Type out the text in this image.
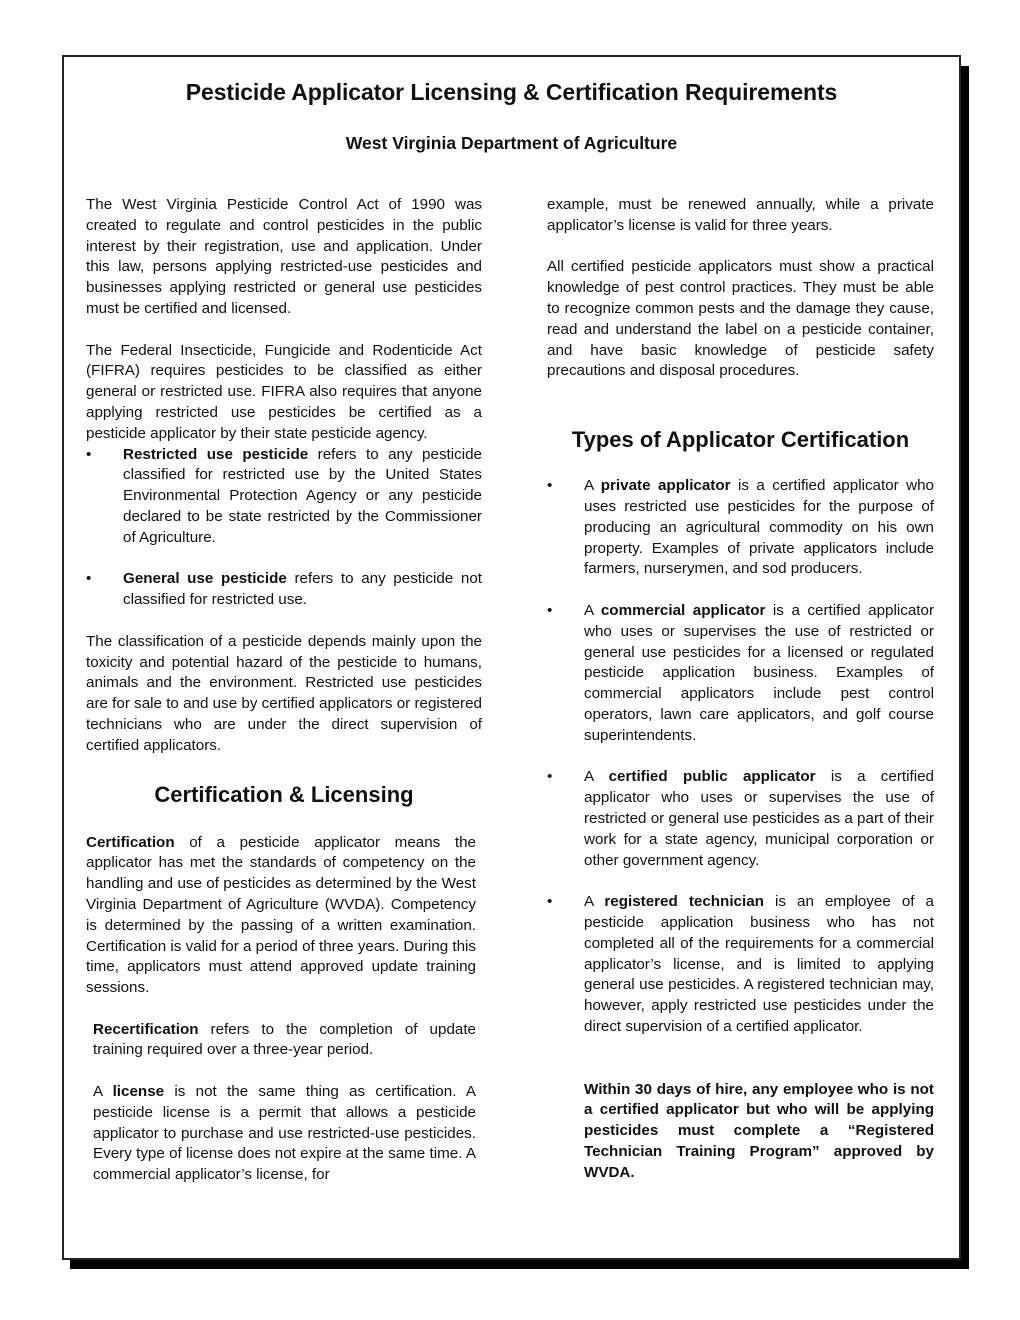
Pesticide Applicator Licensing & Certification Requirements
West Virginia Department of Agriculture

The West Virginia Pesticide Control Act of 1990 was created to regulate and control pesticides in the public interest by their registration, use and application. Under this law, persons applying restricted-use pesticides and businesses applying restricted or general use pesticides must be certified and licensed.

The Federal Insecticide, Fungicide and Rodenticide Act (FIFRA) requires pesticides to be classified as either general or restricted use. FIFRA also requires that anyone applying restricted use pesticides be certified as a pesticide applicator by their state pesticide agency.

• Restricted use pesticide refers to any pesticide classified for restricted use by the United States Environmental Protection Agency or any pesticide declared to be state restricted by the Commissioner of Agriculture.
• General use pesticide refers to any pesticide not classified for restricted use.

The classification of a pesticide depends mainly upon the toxicity and potential hazard of the pesticide to humans, animals and the environment. Restricted use pesticides are for sale to and use by certified applicators or registered technicians who are under the direct supervision of certified applicators.

Certification & Licensing

Certification of a pesticide applicator means the applicator has met the standards of competency on the handling and use of pesticides as determined by the West Virginia Department of Agriculture (WVDA). Competency is determined by the passing of a written examination. Certification is valid for a period of three years. During this time, applicators must attend approved update training sessions.

Recertification refers to the completion of update training required over a three-year period.

A license is not the same thing as certification. A pesticide license is a permit that allows a pesticide applicator to purchase and use restricted-use pesticides. Every type of license does not expire at the same time. A commercial applicator’s license, for

example, must be renewed annually, while a private applicator’s license is valid for three years.

All certified pesticide applicators must show a practical knowledge of pest control practices. They must be able to recognize common pests and the damage they cause, read and understand the label on a pesticide container, and have basic knowledge of pesticide safety precautions and disposal procedures.

Types of Applicator Certification
• A private applicator is a certified applicator who uses restricted use pesticides for the purpose of producing an agricultural commodity on his own property. Examples of private applicators include farmers, nurserymen, and sod producers.
• A commercial applicator is a certified applicator who uses or supervises the use of restricted or general use pesticides for a licensed or regulated pesticide application business. Examples of commercial applicators include pest control operators, lawn care applicators, and golf course superintendents.
• A certified public applicator is a certified applicator who uses or supervises the use of restricted or general use pesticides as a part of their work for a state agency, municipal corporation or other government agency.
• A registered technician is an employee of a pesticide application business who has not completed all of the requirements for a commercial applicator’s license, and is limited to applying general use pesticides. A registered technician may, however, apply restricted use pesticides under the direct supervision of a certified applicator.

Within 30 days of hire, any employee who is not a certified applicator but who will be applying pesticides must complete a “Registered Technician Training Program” approved by WVDA.
